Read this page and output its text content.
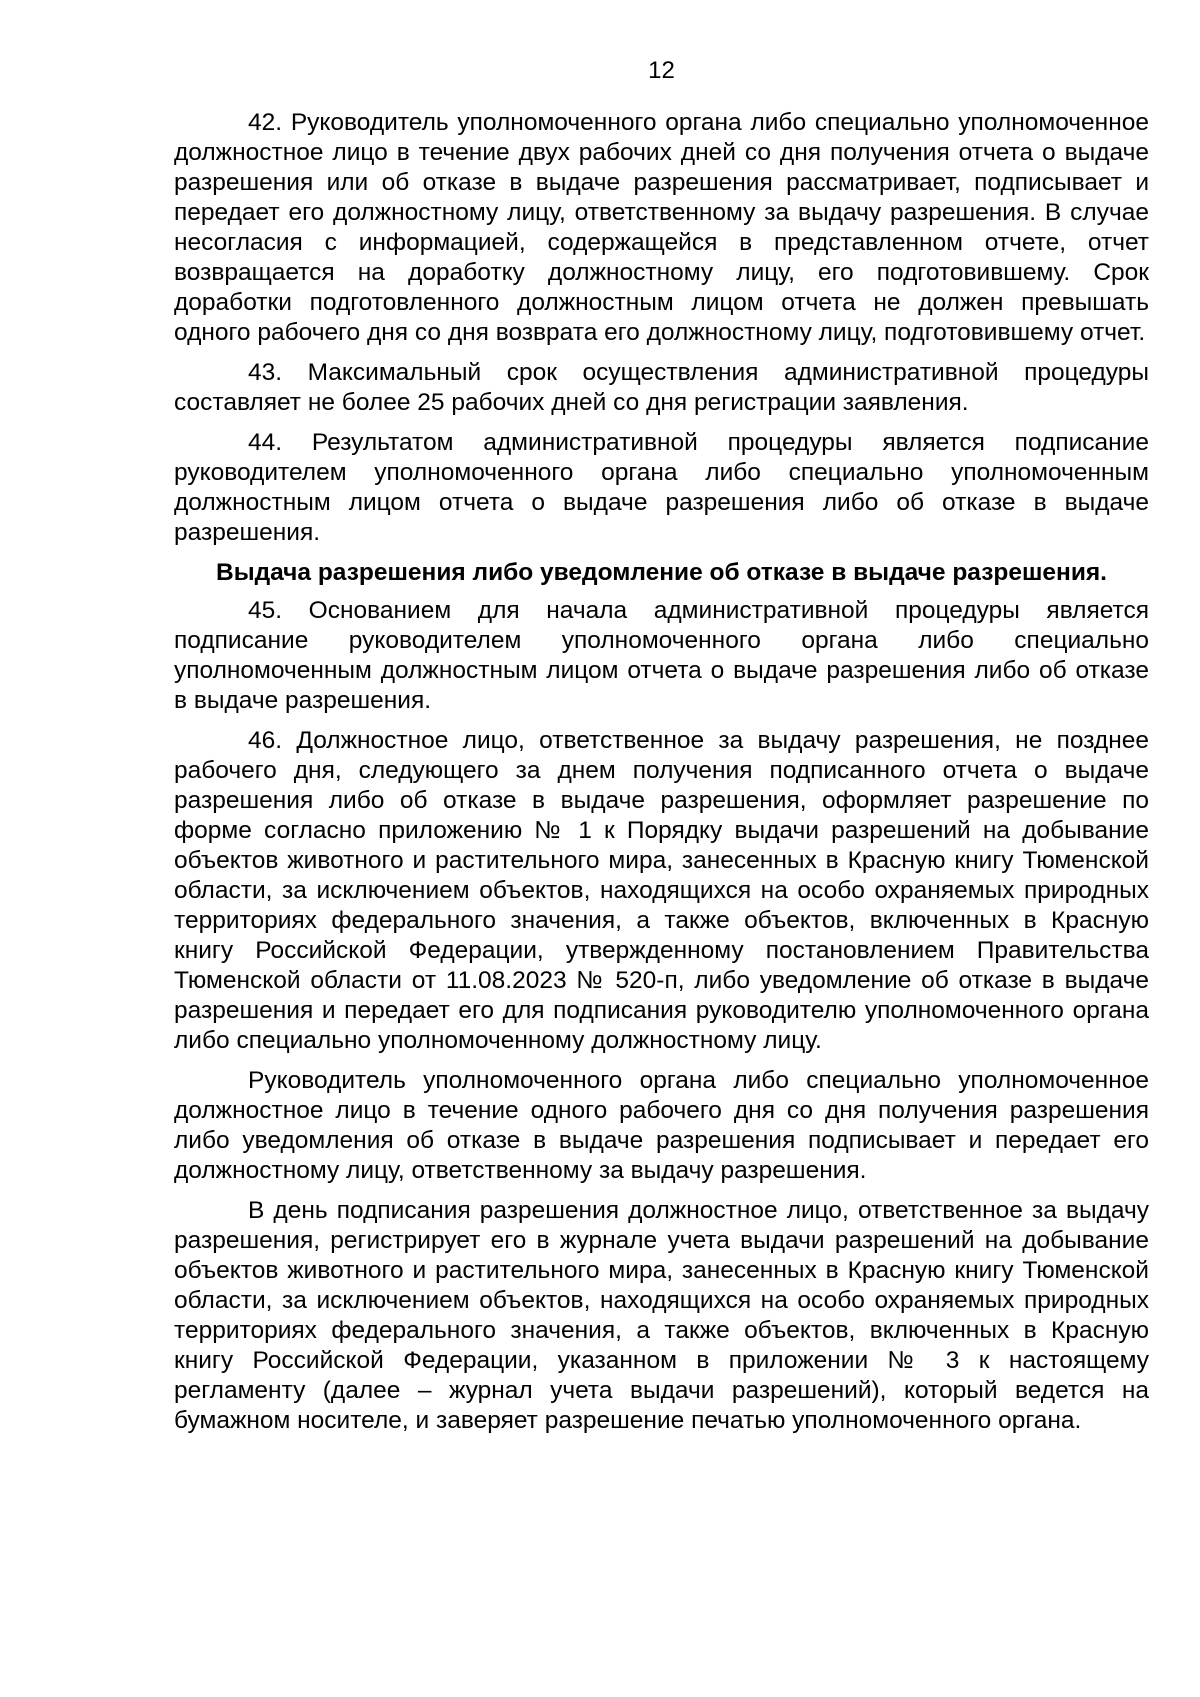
12

42. Руководитель уполномоченного органа либо специально уполномоченное должностное лицо в течение двух рабочих дней со дня получения отчета о выдаче разрешения или об отказе в выдаче разрешения рассматривает, подписывает и передает его должностному лицу, ответственному за выдачу разрешения. В случае несогласия с информацией, содержащейся в представленном отчете, отчет возвращается на доработку должностному лицу, его подготовившему. Срок доработки подготовленного должностным лицом отчета не должен превышать одного рабочего дня со дня возврата его должностному лицу, подготовившему отчет.

43. Максимальный срок осуществления административной процедуры составляет не более 25 рабочих дней со дня регистрации заявления.

44. Результатом административной процедуры является подписание руководителем уполномоченного органа либо специально уполномоченным должностным лицом отчета о выдаче разрешения либо об отказе в выдаче разрешения.

Выдача разрешения либо уведомление об отказе в выдаче разрешения.

45. Основанием для начала административной процедуры является подписание руководителем уполномоченного органа либо специально уполномоченным должностным лицом отчета о выдаче разрешения либо об отказе в выдаче разрешения.

46. Должностное лицо, ответственное за выдачу разрешения, не позднее рабочего дня, следующего за днем получения подписанного отчета о выдаче разрешения либо об отказе в выдаче разрешения, оформляет разрешение по форме согласно приложению № 1 к Порядку выдачи разрешений на добывание объектов животного и растительного мира, занесенных в Красную книгу Тюменской области, за исключением объектов, находящихся на особо охраняемых природных территориях федерального значения, а также объектов, включенных в Красную книгу Российской Федерации, утвержденному постановлением Правительства Тюменской области от 11.08.2023 № 520-п, либо уведомление об отказе в выдаче разрешения и передает его для подписания руководителю уполномоченного органа либо специально уполномоченному должностному лицу.

Руководитель уполномоченного органа либо специально уполномоченное должностное лицо в течение одного рабочего дня со дня получения разрешения либо уведомления об отказе в выдаче разрешения подписывает и передает его должностному лицу, ответственному за выдачу разрешения.

В день подписания разрешения должностное лицо, ответственное за выдачу разрешения, регистрирует его в журнале учета выдачи разрешений на добывание объектов животного и растительного мира, занесенных в Красную книгу Тюменской области, за исключением объектов, находящихся на особо охраняемых природных территориях федерального значения, а также объектов, включенных в Красную книгу Российской Федерации, указанном в приложении № 3 к настоящему регламенту (далее – журнал учета выдачи разрешений), который ведется на бумажном носителе, и заверяет разрешение печатью уполномоченного органа.
